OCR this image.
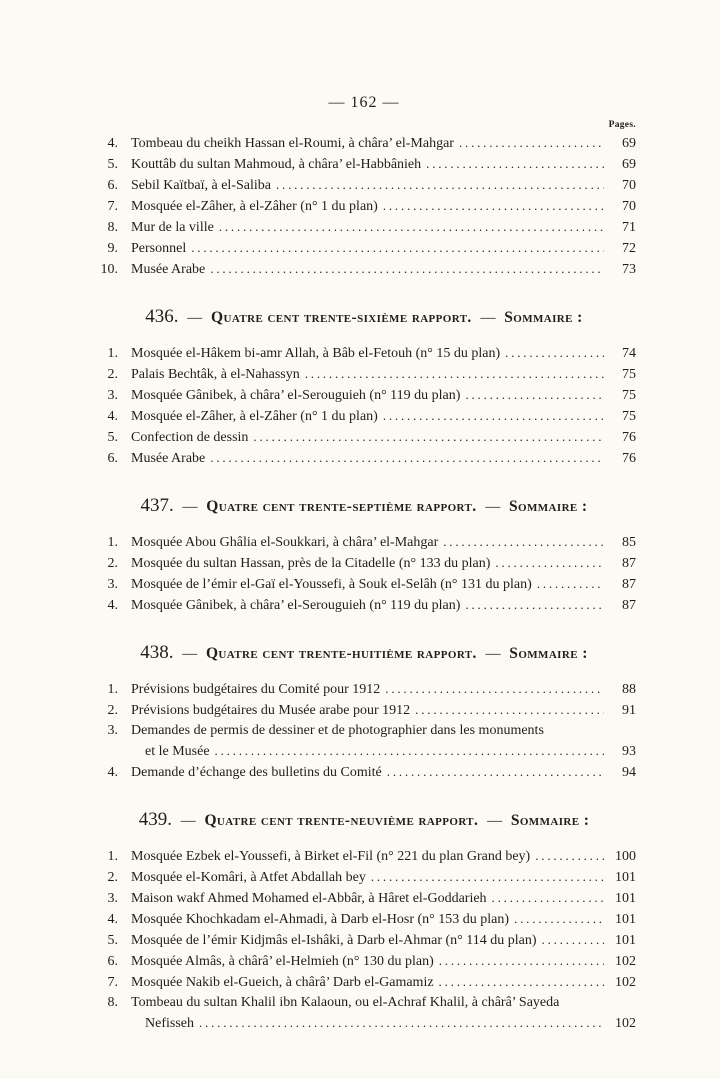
— 162 —
Pages.
4. Tombeau du cheikh Hassan el-Roumi, à châra’ el-Mahgar .....	69
5. Kouttâb du sultan Mahmoud, à châra’ el-Habbânieh .....	69
6. Sebil Kaïtbaï, à el-Saliba .....	70
7. Mosquée el-Zâher, à el-Zâher (n° 1 du plan) .....	70
8. Mur de la ville .....	71
9. Personnel .....	72
10. Musée Arabe .....	73
436. — Quatre cent trente-sixième rapport. — Sommaire :
1. Mosquée el-Hâkem bi-amr Allah, à Bâb el-Fetouh (n° 15 du plan) .....	74
2. Palais Bechtâk, à el-Nahassyn .....	75
3. Mosquée Gânibek, à châra’ el-Serouguieh (n° 119 du plan) .....	75
4. Mosquée el-Zâher, à el-Zâher (n° 1 du plan) .....	75
5. Confection de dessin .....	76
6. Musée Arabe .....	76
437. — Quatre cent trente-septième rapport. — Sommaire :
1. Mosquée Abou Ghâlia el-Soukkari, à châra’ el-Mahgar .....	85
2. Mosquée du sultan Hassan, près de la Citadelle (n° 133 du plan) .....	87
3. Mosquée de l’émir el-Gaï el-Youssefi, à Souk el-Selâh (n° 131 du plan) .....	87
4. Mosquée Gânibek, à châra’ el-Serouguieh (n° 119 du plan) .....	87
438. — Quatre cent trente-huitième rapport. — Sommaire :
1. Prévisions budgétaires du Comité pour 1912 .....	88
2. Prévisions budgétaires du Musée arabe pour 1912 .....	91
3. Demandes de permis de dessiner et de photographier dans les monuments
et le Musée .....	93
4. Demande d’échange des bulletins du Comité .....	94
439. — Quatre cent trente-neuvième rapport. — Sommaire :
1. Mosquée Ezbek el-Youssefi, à Birket el-Fil (n° 221 du plan Grand bey) .....	100
2. Mosquée el-Komâri, à Atfet Abdallah bey .....	101
3. Maison wakf Ahmed Mohamed el-Abbâr, à Hâret el-Goddarieh .....	101
4. Mosquée Khochkadam el-Ahmadi, à Darb el-Hosr (n° 153 du plan) .....	101
5. Mosquée de l’émir Kidjmâs el-Ishâki, à Darb el-Ahmar (n° 114 du plan) .....	101
6. Mosquée Almâs, à chârâ’ el-Helmieh (n° 130 du plan) .....	102
7. Mosquée Nakib el-Gueich, à chârâ’ Darb el-Gamamiz .....	102
8. Tombeau du sultan Khalil ibn Kalaoun, ou el-Achraf Khalil, à chârâ’ Sayeda
Nefisseh .....	102
